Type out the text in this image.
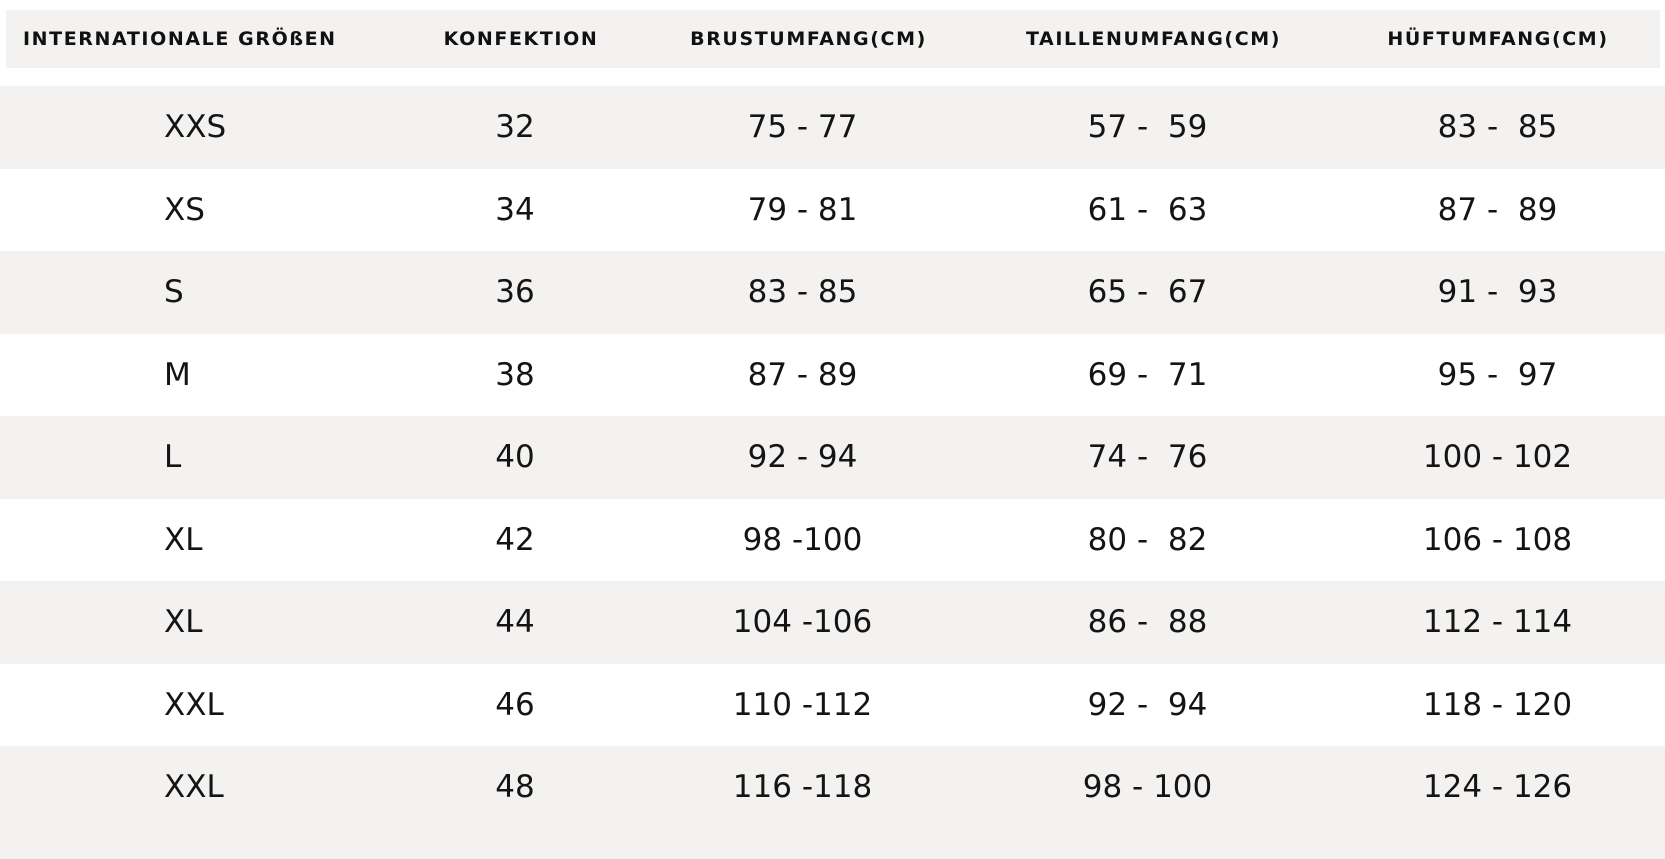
INTERNATIONALE GRÖßEN	KONFEKTION	BRUSTUMFANG(CM)	TAILLENUMFANG(CM)	HÜFTUMFANG(CM)
XXS	32	75 - 77	57 -  59	83 -  85
XS	34	79 - 81	61 -  63	87 -  89
S	36	83 - 85	65 -  67	91 -  93
M	38	87 - 89	69 -  71	95 -  97
L	40	92 - 94	74 -  76	100 - 102
XL	42	98 -100	80 -  82	106 - 108
XL	44	104 -106	86 -  88	112 - 114
XXL	46	110 -112	92 -  94	118 - 120
XXL	48	116 -118	98 - 100	124 - 126
